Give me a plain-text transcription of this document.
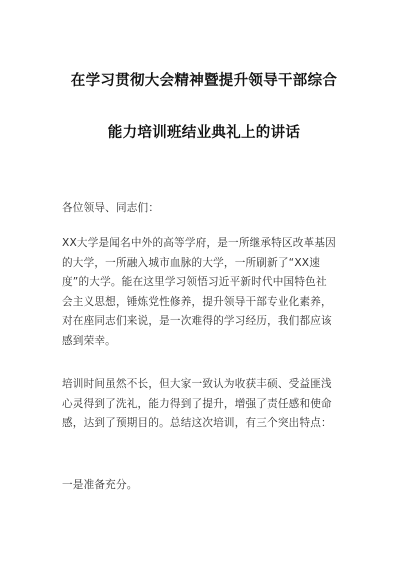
在学习贯彻大会精神暨提升领导干部综合
能力培训班结业典礼上的讲话
各位领导、同志们：
XX大学是闻名中外的高等学府，是一所继承特区改革基因
的大学，一所融入城市血脉的大学，一所刷新了“XX速
度”的大学。能在这里学习领悟习近平新时代中国特色社
会主义思想，锤炼党性修养，提升领导干部专业化素养，
对在座同志们来说，是一次难得的学习经历，我们都应该
感到荣幸。
培训时间虽然不长，但大家一致认为收获丰硕、受益匪浅
心灵得到了洗礼，能力得到了提升，增强了责任感和使命
感，达到了预期目的。总结这次培训，有三个突出特点：
一是准备充分。
